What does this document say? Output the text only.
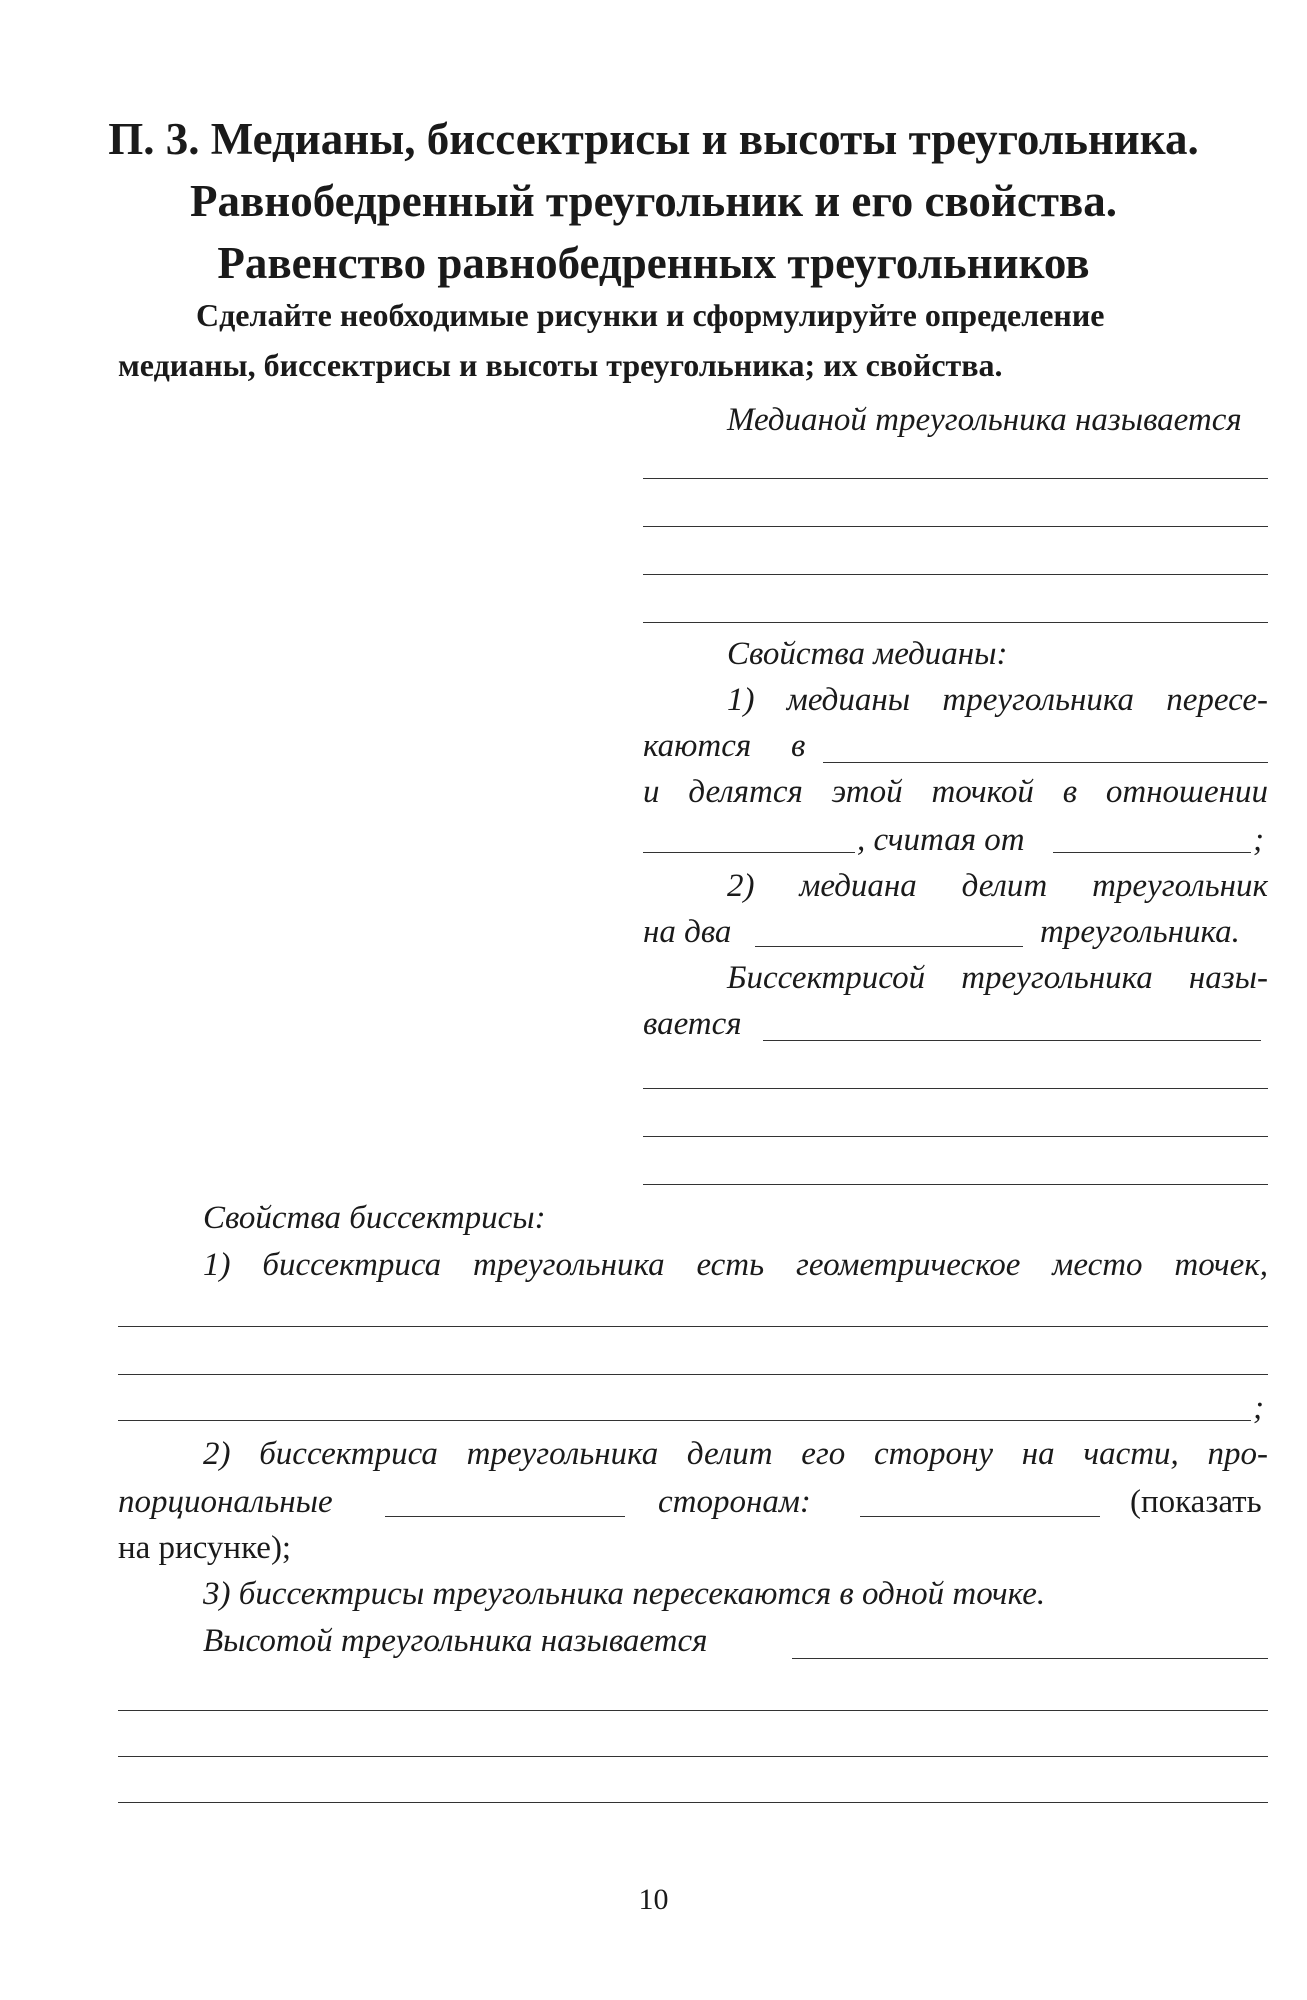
П. 3. Медианы, биссектрисы и высоты треугольника.
Равнобедренный треугольник и его свойства.
Равенство равнобедренных треугольников
Сделайте необходимые рисунки и сформулируйте определение
медианы, биссектрисы и высоты треугольника; их свойства.
Медианой треугольника называется
Свойства медианы:
1) медианы треугольника пересе-
каются в
и делятся этой точкой в отношении
, считая от	;
2) медиана делит треугольник
на два	треугольника.
Биссектрисой треугольника назы-
вается
Свойства биссектрисы:
1) биссектриса треугольника есть геометрическое место точек,
;
2) биссектриса треугольника делит его сторону на части, про-
порциональные	сторонам:	(показать
на рисунке);
3) биссектрисы треугольника пересекаются в одной точке.
Высотой треугольника называется
10
